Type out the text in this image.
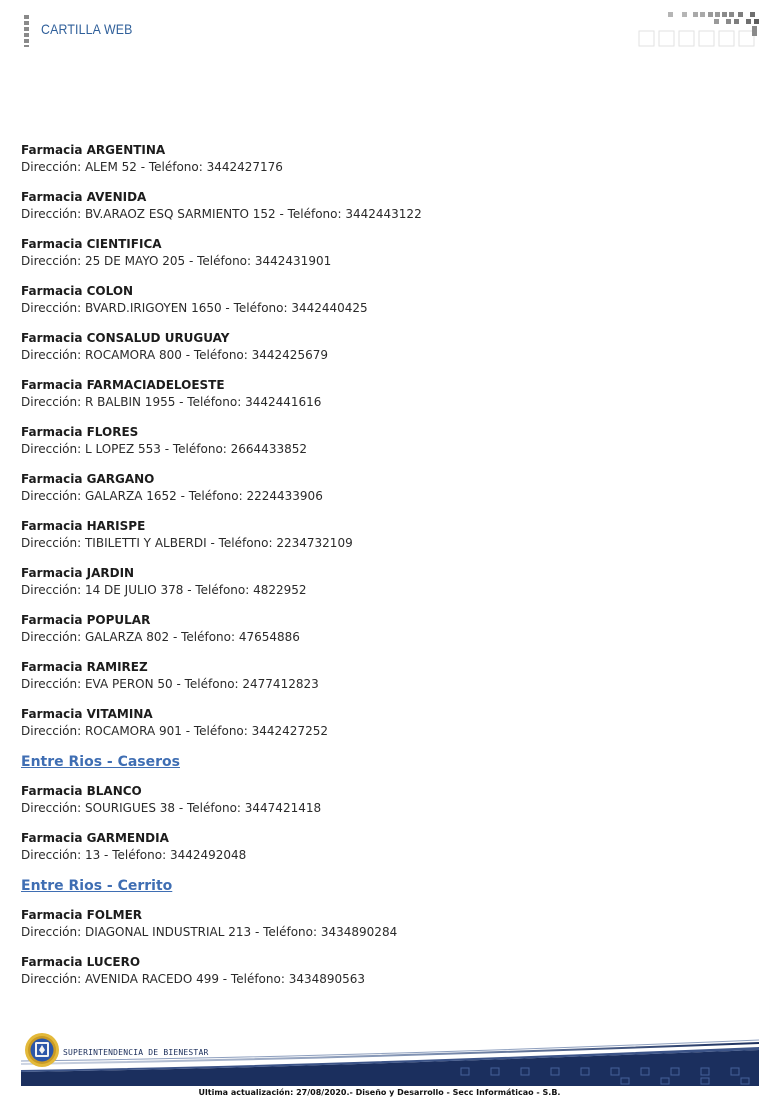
CARTILLA WEB
Farmacia ARGENTINA
Dirección: ALEM 52 - Teléfono: 3442427176
Farmacia AVENIDA
Dirección: BV.ARAOZ ESQ SARMIENTO 152 - Teléfono: 3442443122
Farmacia CIENTIFICA
Dirección: 25 DE MAYO 205 - Teléfono: 3442431901
Farmacia COLON
Dirección: BVARD.IRIGOYEN 1650 - Teléfono: 3442440425
Farmacia CONSALUD URUGUAY
Dirección: ROCAMORA 800 - Teléfono: 3442425679
Farmacia FARMACIADELOESTE
Dirección: R BALBIN 1955 - Teléfono: 3442441616
Farmacia FLORES
Dirección: L LOPEZ 553 - Teléfono: 2664433852
Farmacia GARGANO
Dirección: GALARZA 1652 - Teléfono: 2224433906
Farmacia HARISPE
Dirección: TIBILETTI Y ALBERDI - Teléfono: 2234732109
Farmacia JARDIN
Dirección: 14 DE JULIO 378 - Teléfono: 4822952
Farmacia POPULAR
Dirección: GALARZA 802 - Teléfono: 47654886
Farmacia RAMIREZ
Dirección: EVA PERON 50 - Teléfono: 2477412823
Farmacia VITAMINA
Dirección: ROCAMORA 901 - Teléfono: 3442427252
Entre Rios - Caseros
Farmacia BLANCO
Dirección: SOURIGUES 38 - Teléfono: 3447421418
Farmacia GARMENDIA
Dirección: 13 - Teléfono: 3442492048
Entre Rios - Cerrito
Farmacia FOLMER
Dirección: DIAGONAL INDUSTRIAL 213 - Teléfono: 3434890284
Farmacia LUCERO
Dirección: AVENIDA RACEDO 499 - Teléfono: 3434890563
SUPERINTENDENCIA DE BIENESTAR
Ultima actualización: 27/08/2020.- Diseño y Desarrollo - Secc Informáticao - S.B.
